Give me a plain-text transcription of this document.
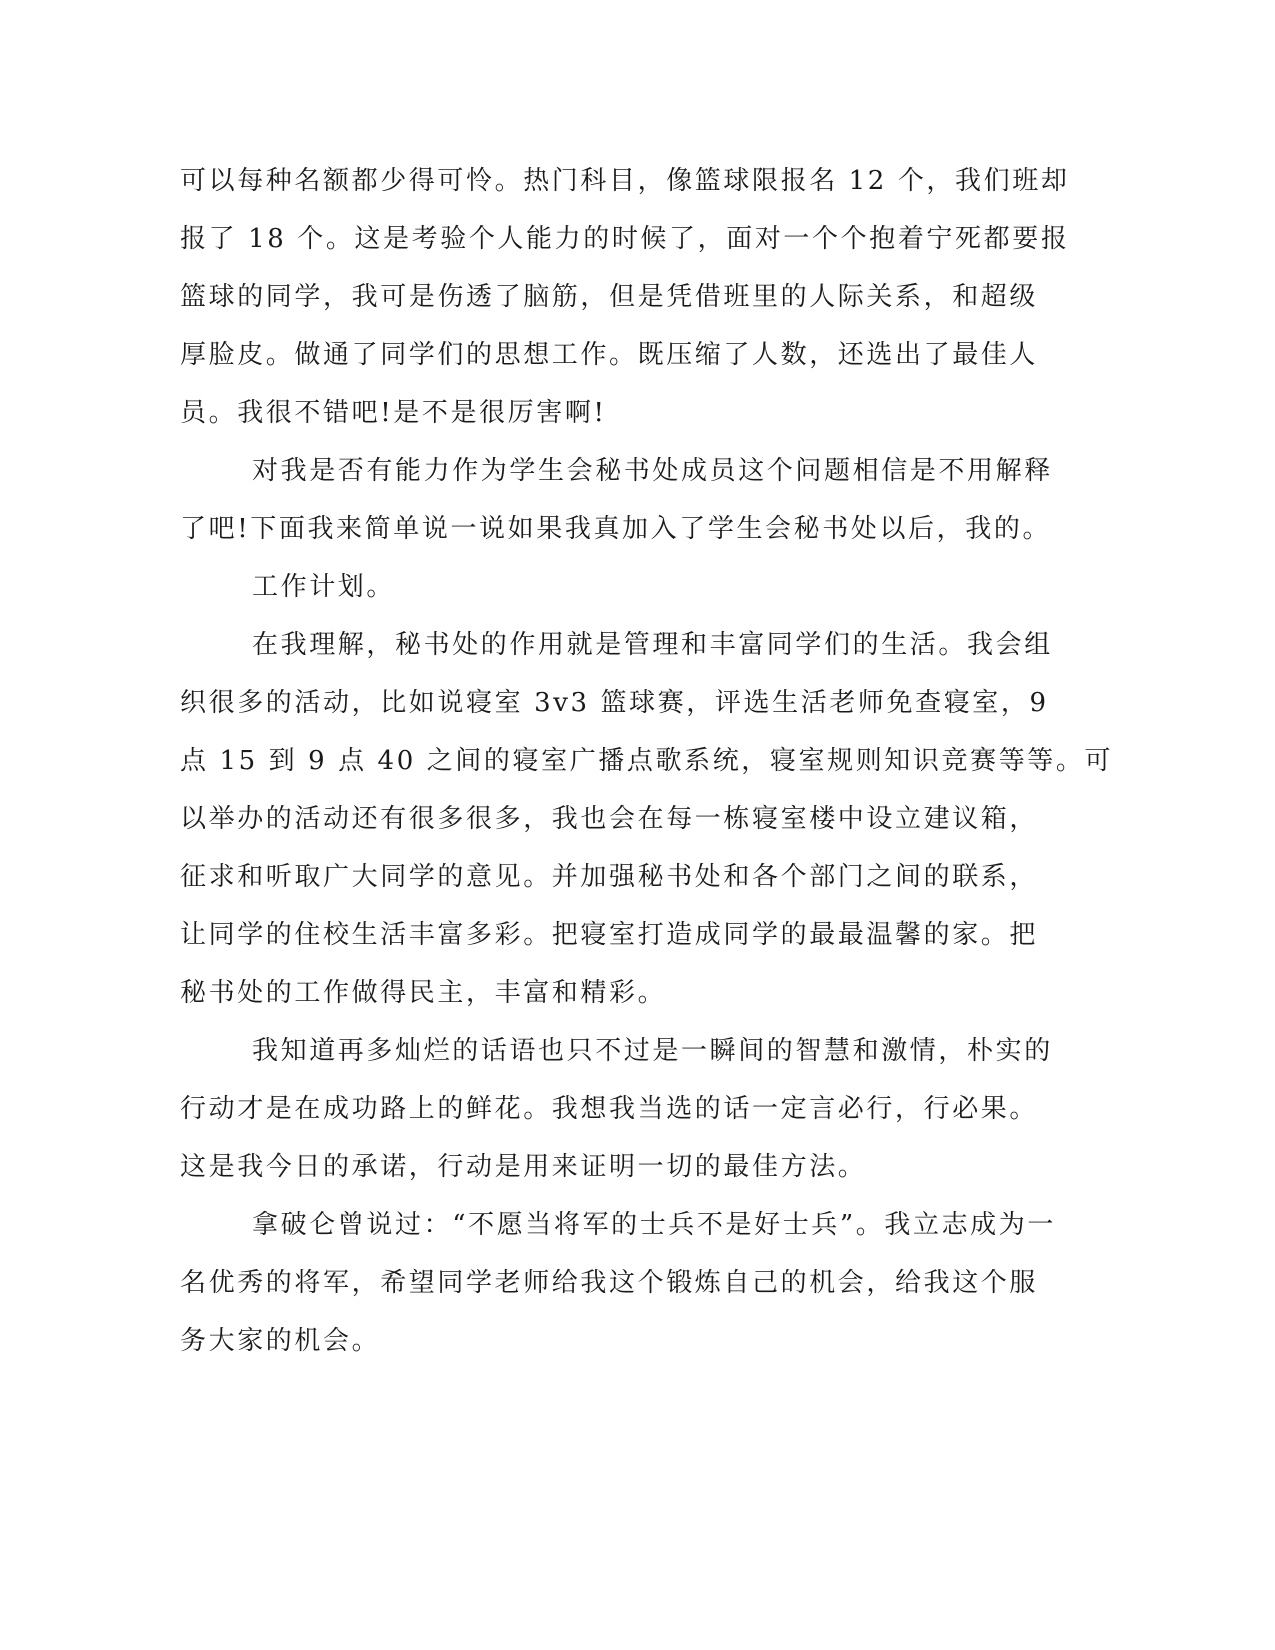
可以每种名额都少得可怜。热门科目，像篮球限报名 12 个，我们班却
报了 18 个。这是考验个人能力的时候了，面对一个个抱着宁死都要报
篮球的同学，我可是伤透了脑筋，但是凭借班里的人际关系，和超级
厚脸皮。做通了同学们的思想工作。既压缩了人数，还选出了最佳人
员。我很不错吧!是不是很厉害啊!
对我是否有能力作为学生会秘书处成员这个问题相信是不用解释
了吧!下面我来简单说一说如果我真加入了学生会秘书处以后，我的。
工作计划。
在我理解，秘书处的作用就是管理和丰富同学们的生活。我会组
织很多的活动，比如说寝室 3v3 篮球赛，评选生活老师免查寝室，9
点 15 到 9 点 40 之间的寝室广播点歌系统，寝室规则知识竞赛等等。可
以举办的活动还有很多很多，我也会在每一栋寝室楼中设立建议箱，
征求和听取广大同学的意见。并加强秘书处和各个部门之间的联系，
让同学的住校生活丰富多彩。把寝室打造成同学的最最温馨的家。把
秘书处的工作做得民主，丰富和精彩。
我知道再多灿烂的话语也只不过是一瞬间的智慧和激情，朴实的
行动才是在成功路上的鲜花。我想我当选的话一定言必行，行必果。
这是我今日的承诺，行动是用来证明一切的最佳方法。
拿破仑曾说过：“不愿当将军的士兵不是好士兵”。我立志成为一
名优秀的将军，希望同学老师给我这个锻炼自己的机会，给我这个服
务大家的机会。
